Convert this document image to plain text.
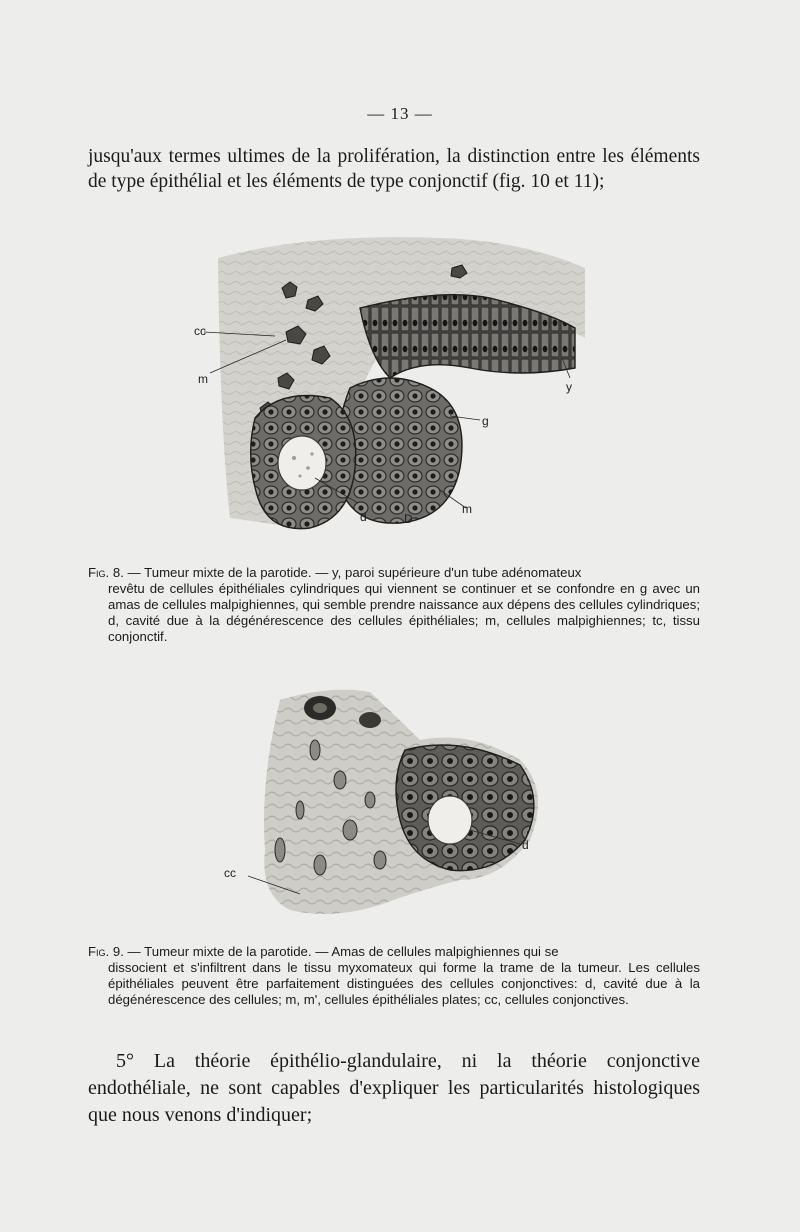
— 13 —
jusqu'aux termes ultimes de la prolifération, la distinction entre les éléments de type épithélial et les éléments de type conjonctif (fig. 10 et 11);
cc
m
y
g
d	D
m
Fig. 8. — Tumeur mixte de la parotide. — y, paroi supérieure d'un tube adénomateux
revêtu de cellules épithéliales cylindriques qui viennent se continuer et se confondre en g avec un amas de cellules malpighiennes, qui semble prendre naissance aux dépens des cellules cylindriques; d, cavité due à la dégénérescence des cellules épithéliales; m, cellules malpighiennes; tc, tissu conjonctif.
cc
d
Fig. 9. — Tumeur mixte de la parotide. — Amas de cellules malpighiennes qui se
dissocient et s'infiltrent dans le tissu myxomateux qui forme la trame de la tumeur. Les cellules épithéliales peuvent être parfaitement distinguées des cellules conjonctives: d, cavité due à la dégénérescence des cellules; m, m', cellules épithéliales plates; cc, cellules conjonctives.
5° La théorie épithélio-glandulaire, ni la théorie conjonctive endothéliale, ne sont capables d'expliquer les particularités histologiques que nous venons d'indiquer;
